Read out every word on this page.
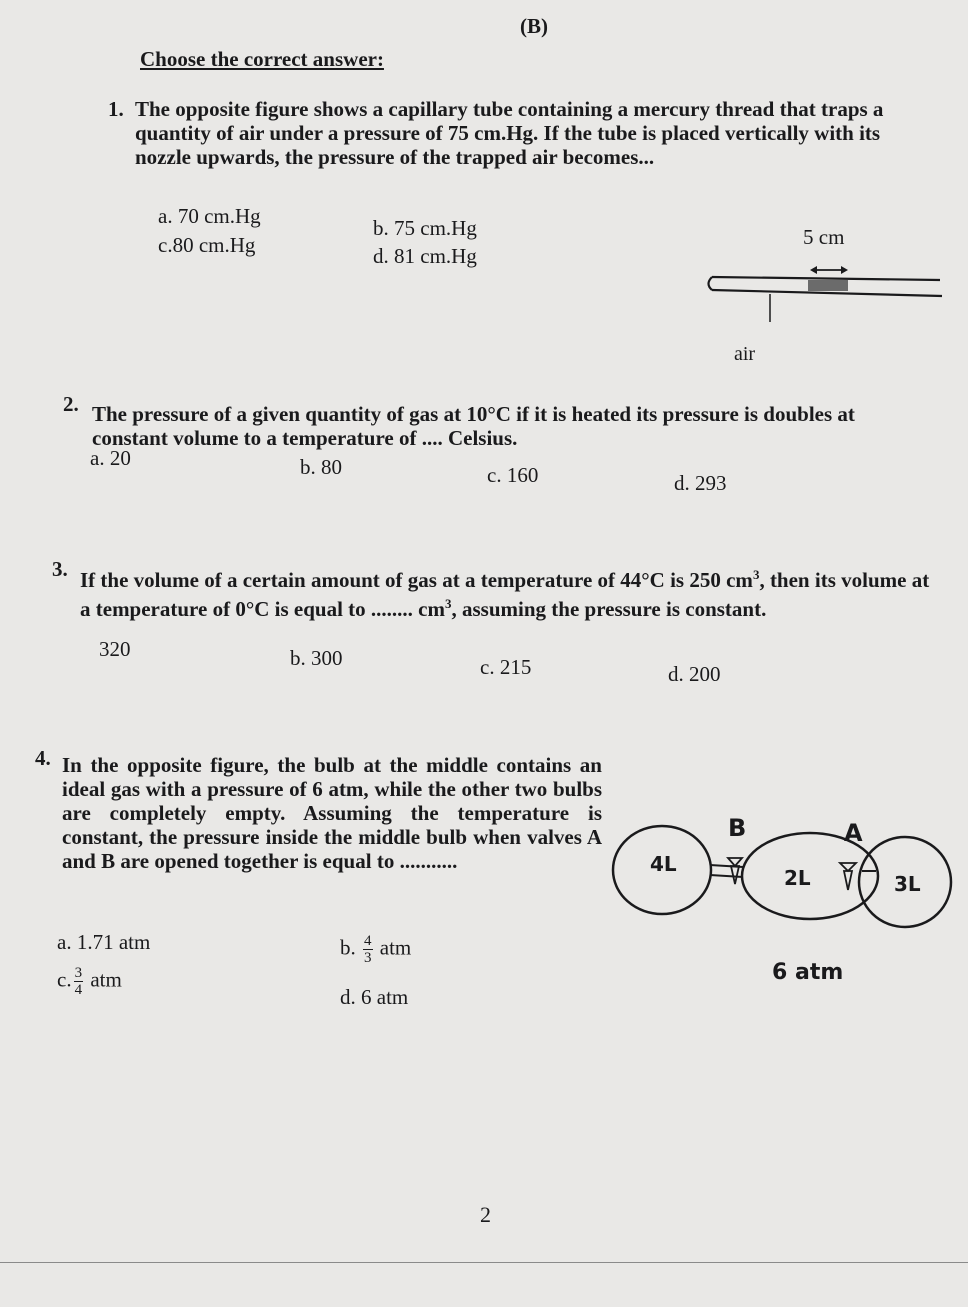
(B)
Choose the correct answer:
1. The opposite figure shows a capillary tube containing a mercury thread that traps a quantity of air under a pressure of 75 cm.Hg. If the tube is placed vertically with its nozzle upwards, the pressure of the trapped air becomes...
a. 70 cm.Hg	b. 75 cm.Hg
c.80 cm.Hg	d. 81 cm.Hg
5 cm
air
2. The pressure of a given quantity of gas at 10°C if it is heated its pressure is doubles at constant volume to a temperature of .... Celsius.
a. 20	b. 80	c. 160	d. 293
3. If the volume of a certain amount of gas at a temperature of 44°C is 250 $cm^3$, then its volume at a temperature of 0°C is equal to ........ $cm^3$, assuming the pressure is constant.
320	b. 300	c. 215	d. 200
4. In the opposite figure, the bulb at the middle contains an ideal gas with a pressure of 6 atm, while the other two bulbs are completely empty. Assuming the temperature is constant, the pressure inside the middle bulb when valves A and B are opened together is equal to ...........
a. 1.71 atm	b. $\frac{4}{3}$ atm
c. $\frac{3}{4}$ atm
d. 6 atm
B	A
4L
2L	3L
6 atm
2
